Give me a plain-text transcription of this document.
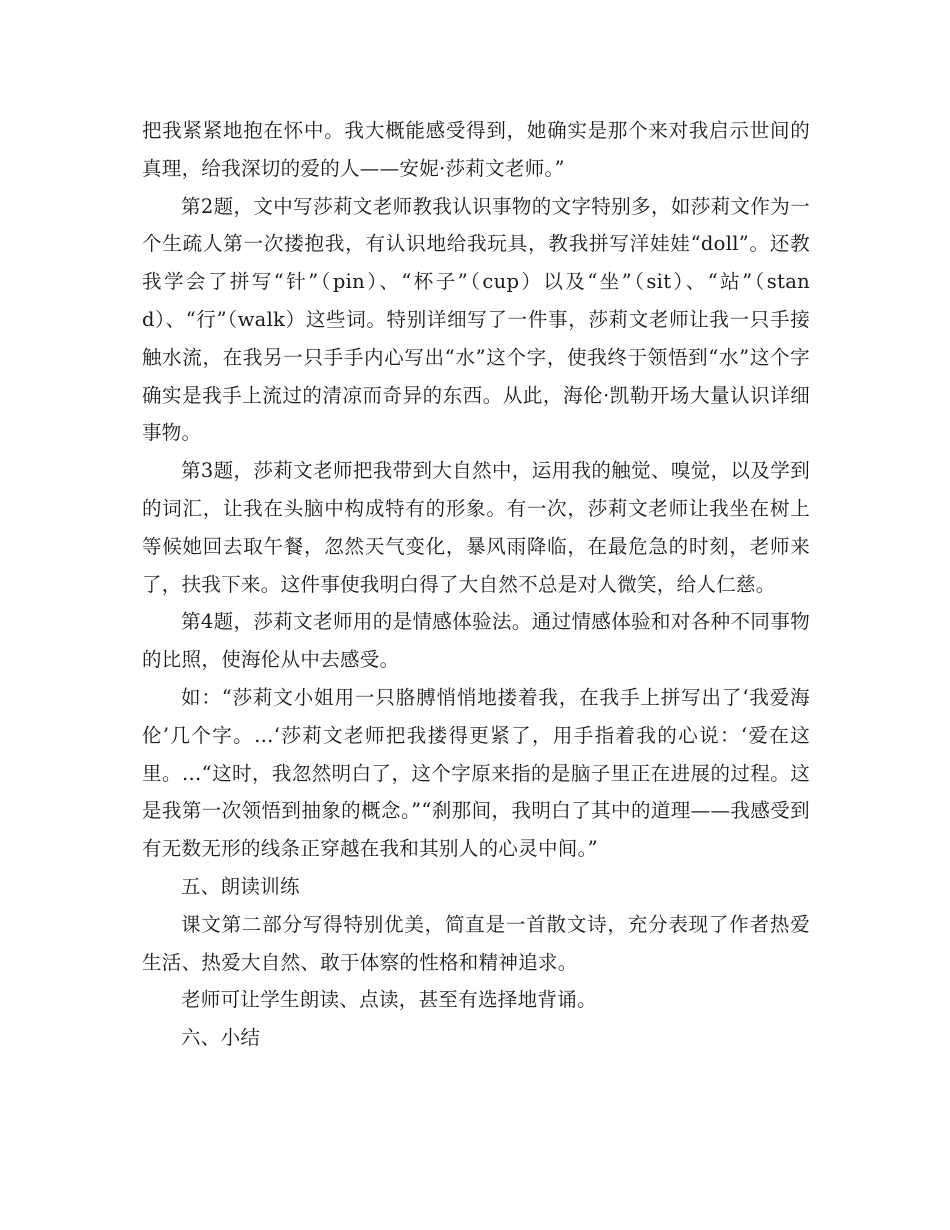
把我紧紧地抱在怀中。我大概能感受得到，她确实是那个来对我启示世间的真理，给我深切的爱的人——安妮·莎莉文老师。”

第2题，文中写莎莉文老师教我认识事物的文字特别多，如莎莉文作为一个生疏人第一次搂抱我，有认识地给我玩具，教我拼写洋娃娃“doll”。还教我学会了拼写“针”（pin）、“杯子”（cup）以及“坐”（sit）、“站”（stand）、“行”（walk）这些词。特别详细写了一件事，莎莉文老师让我一只手接触水流，在我另一只手手内心写出“水”这个字，使我终于领悟到“水”这个字确实是我手上流过的清凉而奇异的东西。从此，海伦·凯勒开场大量认识详细事物。

第3题，莎莉文老师把我带到大自然中，运用我的触觉、嗅觉，以及学到的词汇，让我在头脑中构成特有的形象。有一次，莎莉文老师让我坐在树上等候她回去取午餐，忽然天气变化，暴风雨降临，在最危急的时刻，老师来了，扶我下来。这件事使我明白得了大自然不总是对人微笑，给人仁慈。

第4题，莎莉文老师用的是情感体验法。通过情感体验和对各种不同事物的比照，使海伦从中去感受。

如：“莎莉文小姐用一只胳膊悄悄地搂着我，在我手上拼写出了‘我爱海伦’几个字。…‘莎莉文老师把我搂得更紧了，用手指着我的心说：‘爱在这里。…“这时，我忽然明白了，这个字原来指的是脑子里正在进展的过程。这是我第一次领悟到抽象的概念。”“刹那间，我明白了其中的道理——我感受到有无数无形的线条正穿越在我和其别人的心灵中间。”

五、朗读训练

课文第二部分写得特别优美，简直是一首散文诗，充分表现了作者热爱生活、热爱大自然、敢于体察的性格和精神追求。

老师可让学生朗读、点读，甚至有选择地背诵。

六、小结
